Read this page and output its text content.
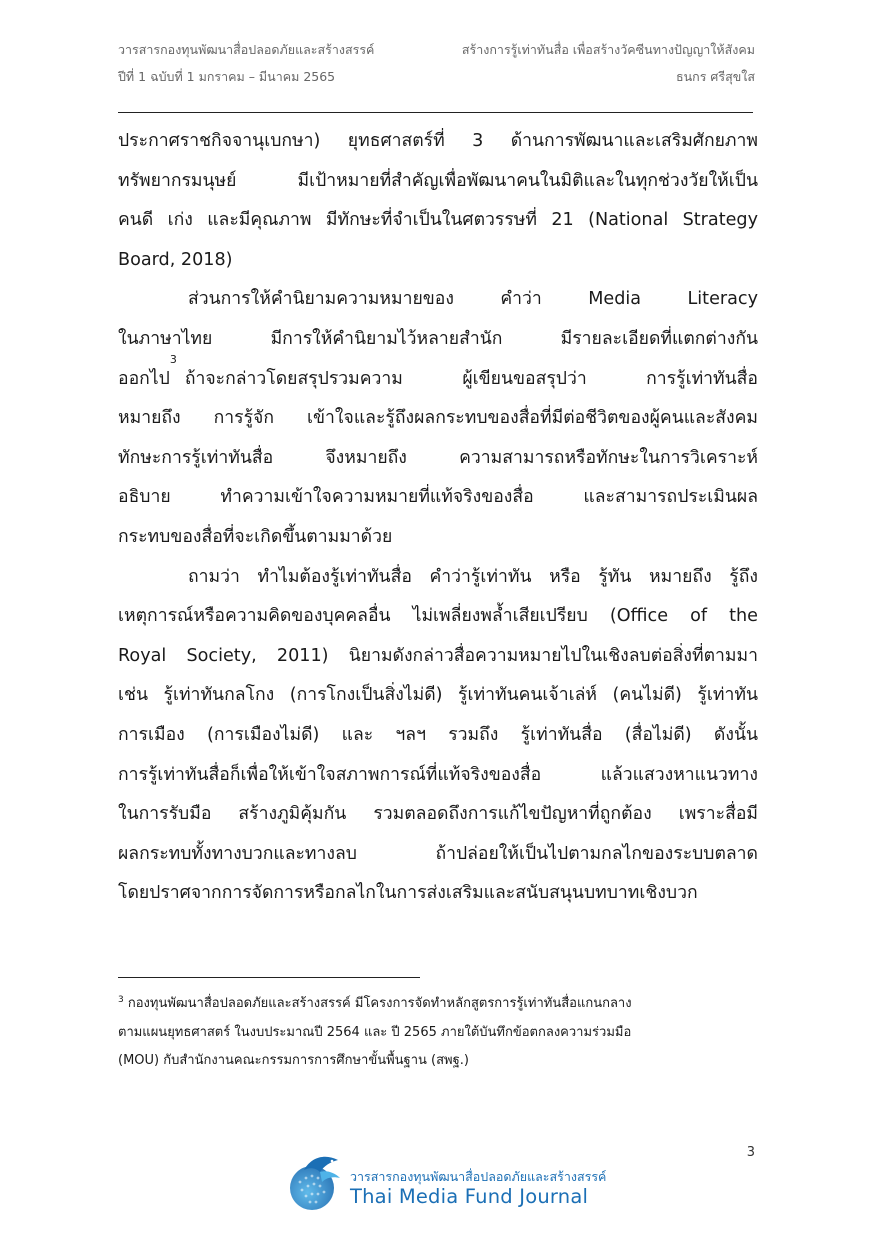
วารสารกองทุนพัฒนาสื่อปลอดภัยและสร้างสรรค์
ปีที่ 1 ฉบับที่ 1 มกราคม – มีนาคม 2565
สร้างการรู้เท่าทันสื่อ เพื่อสร้างวัคซีนทางปัญญาให้สังคม
ธนกร ศรีสุขใส
ประกาศราชกิจจานุเบกษา) ยุทธศาสตร์ที่ 3 ด้านการพัฒนาและเสริมศักยภาพ
ทรัพยากรมนุษย์ มีเป้าหมายที่สำคัญเพื่อพัฒนาคนในมิติและในทุกช่วงวัยให้เป็น
คนดี เก่ง และมีคุณภาพ มีทักษะที่จำเป็นในศตวรรษที่ 21 (National Strategy
Board, 2018)
ส่วนการให้คำนิยามความหมายของ คำว่า Media Literacy
ในภาษาไทย มีการให้คำนิยามไว้หลายสำนัก มีรายละเอียดที่แตกต่างกัน
ออกไป
3
ถ้าจะกล่าวโดยสรุปรวมความ ผู้เขียนขอสรุปว่า การรู้เท่าทันสื่อ
หมายถึง การรู้จัก เข้าใจและรู้ถึงผลกระทบของสื่อที่มีต่อชีวิตของผู้คนและสังคม
ทักษะการรู้เท่าทันสื่อ จึงหมายถึง ความสามารถหรือทักษะในการวิเคราะห์
อธิบาย ทำความเข้าใจความหมายที่แท้จริงของสื่อ และสามารถประเมินผล
กระทบของสื่อที่จะเกิดขึ้นตามมาด้วย
ถามว่า ทำไมต้องรู้เท่าทันสื่อ คำว่ารู้เท่าทัน หรือ รู้ทัน หมายถึง รู้ถึง
เหตุการณ์หรือความคิดของบุคคลอื่น ไม่เพลี่ยงพล้ำเสียเปรียบ (Office of the
Royal Society, 2011) นิยามดังกล่าวสื่อความหมายไปในเชิงลบต่อสิ่งที่ตามมา
เช่น รู้เท่าทันกลโกง (การโกงเป็นสิ่งไม่ดี) รู้เท่าทันคนเจ้าเล่ห์ (คนไม่ดี) รู้เท่าทัน
การเมือง (การเมืองไม่ดี) และ ฯลฯ รวมถึง รู้เท่าทันสื่อ (สื่อไม่ดี) ดังนั้น
การรู้เท่าทันสื่อก็เพื่อให้เข้าใจสภาพการณ์ที่แท้จริงของสื่อ แล้วแสวงหาแนวทาง
ในการรับมือ สร้างภูมิคุ้มกัน รวมตลอดถึงการแก้ไขปัญหาที่ถูกต้อง เพราะสื่อมี
ผลกระทบทั้งทางบวกและทางลบ ถ้าปล่อยให้เป็นไปตามกลไกของระบบตลาด
โดยปราศจากการจัดการหรือกลไกในการส่งเสริมและสนับสนุนบทบาทเชิงบวก
$^3$ กองทุนพัฒนาสื่อปลอดภัยและสร้างสรรค์ มีโครงการจัดทำหลักสูตรการรู้เท่าทันสื่อแกนกลาง
ตามแผนยุทธศาสตร์ ในงบประมาณปี 2564 และ ปี 2565 ภายใต้บันทึกข้อตกลงความร่วมมือ
(MOU) กับสำนักงานคณะกรรมการการศึกษาขั้นพื้นฐาน (สพฐ.)
3
วารสารกองทุนพัฒนาสื่อปลอดภัยและสร้างสรรค์
Thai Media Fund Journal
